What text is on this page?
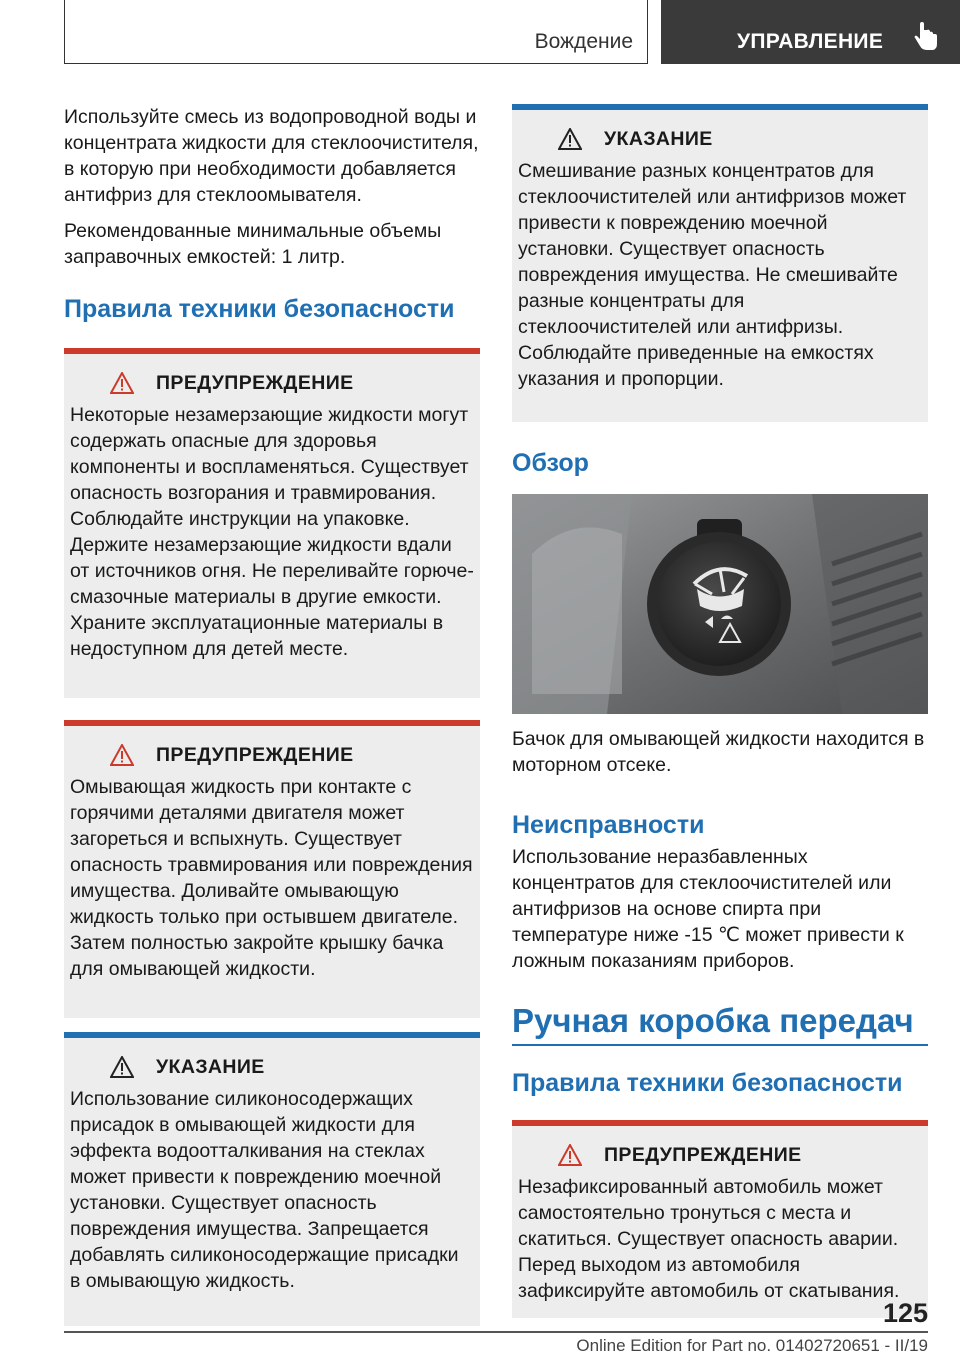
Вождение	УПРАВЛЕНИЕ

Используйте смесь из водопроводной воды и концентрата жидкости для стеклоочистителя, в которую при необходимости добавляется антифриз для стеклоомывателя.

Рекомендованные минимальные объемы заправочных емкостей: 1 литр.

Правила техники безопасности
ПРЕДУПРЕЖДЕНИЕ

Некоторые незамерзающие жидкости могут содержать опасные для здоровья компоненты и воспламеняться. Существует опасность возгорания и травмирования. Соблюдайте инструкции на упаковке. Держите незамерзающие жидкости вдали от источников огня. Не переливайте горюче-смазочные материалы в другие емкости. Храните эксплуатационные материалы в недоступном для детей месте.

ПРЕДУПРЕЖДЕНИЕ

Омывающая жидкость при контакте с горячими деталями двигателя может загореться и вспыхнуть. Существует опасность травмирования или повреждения имущества. Доливайте омывающую жидкость только при остывшем двигателе. Затем полностью закройте крышку бачка для омывающей жидкости.

УКАЗАНИЕ

Использование силиконосодержащих присадок в омывающей жидкости для эффекта водоотталкивания на стеклах может привести к повреждению моечной установки. Существует опасность повреждения имущества. Запрещается добавлять силиконосодержащие присадки в омывающую жидкость.

УКАЗАНИЕ

Смешивание разных концентратов для стеклоочистителей или антифризов может привести к повреждению моечной установки. Существует опасность повреждения имущества. Не смешивайте разные концентраты для стеклоочистителей или антифризы. Соблюдайте приведенные на емкостях указания и пропорции.

Обзор

Бачок для омывающей жидкости находится в моторном отсеке.

Неисправности

Использование неразбавленных концентратов для стеклоочистителей или антифризов на основе спирта при температуре ниже -15 ℃ может привести к ложным показаниям приборов.

Ручная коробка передач
Правила техники безопасности
ПРЕДУПРЕЖДЕНИЕ

Незафиксированный автомобиль может самостоятельно тронуться с места и скатиться. Существует опасность аварии. Перед выходом из автомобиля зафиксируйте автомобиль от скатывания.

125
Online Edition for Part no. 01402720651 - II/19
